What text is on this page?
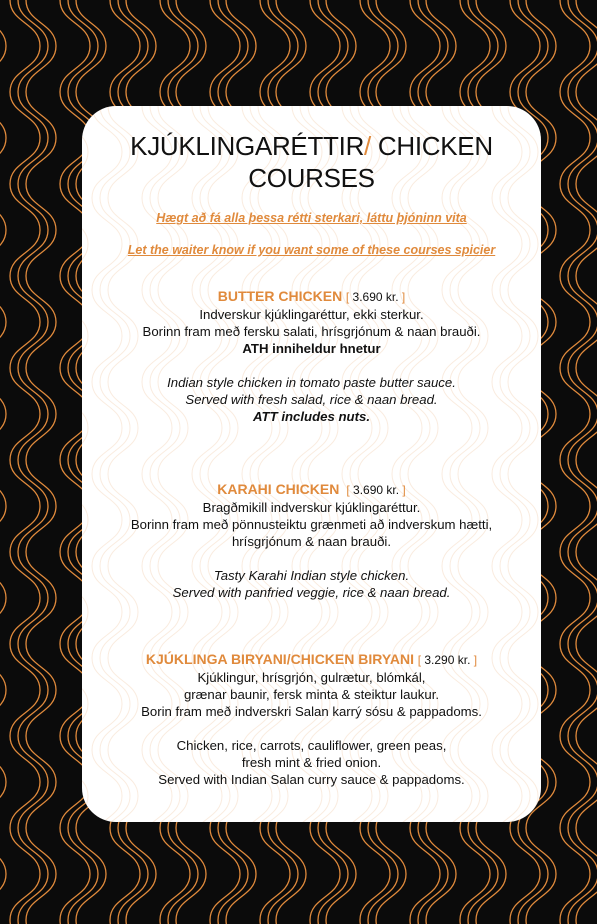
KJÚKLINGARÉTTIR/ CHICKEN
COURSES

Hægt að fá alla þessa rétti sterkari, láttu þjóninn vita

Let the waiter know if you want some of these courses spicier

BUTTER CHICKEN [ 3.690 kr. ]
Indverskur kjúklingaréttur, ekki sterkur.
Borinn fram með fersku salati, hrísgrjónum & naan brauði.
ATH inniheldur hnetur
Indian style chicken in tomato paste butter sauce.
Served with fresh salad, rice & naan bread.
ATT includes nuts.
KARAHI CHICKEN [ 3.690 kr. ]
Bragðmikill indverskur kjúklingaréttur.
Borinn fram með pönnusteiktu grænmeti að indverskum hætti,
hrísgrjónum & naan brauði.
Tasty Karahi Indian style chicken.
Served with panfried veggie, rice & naan bread.
KJÚKLINGA BIRYANI/CHICKEN BIRYANI [ 3.290 kr. ]
Kjúklingur, hrísgrjón, gulrætur, blómkál,
grænar baunir, fersk minta & steiktur laukur.
Borin fram með indverskri Salan karrý sósu & pappadoms.
Chicken, rice, carrots, cauliflower, green peas,
fresh mint & fried onion.
Served with Indian Salan curry sauce & pappadoms.
